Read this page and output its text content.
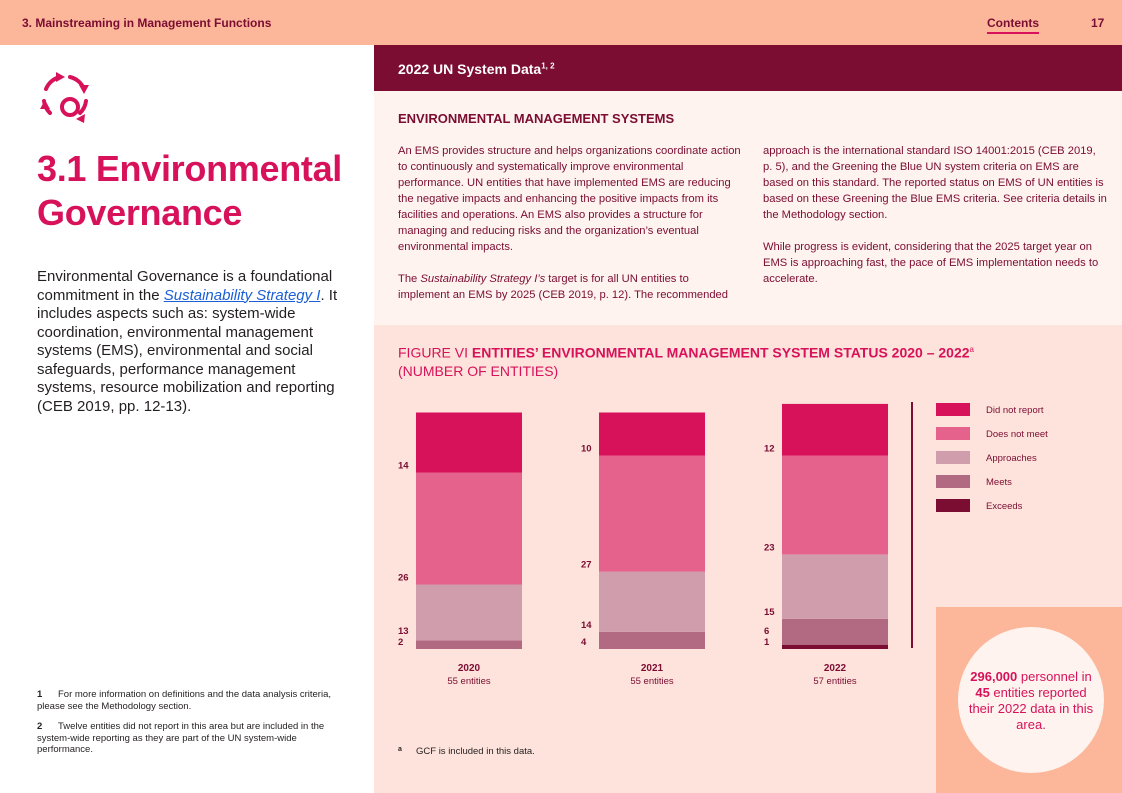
3. Mainstreaming in Management Functions	Contents	17
3.1 Environmental
Governance
Environmental Governance is a foundational commitment in the Sustainability Strategy I. It includes aspects such as: system-wide coordination, environmental management systems (EMS), environmental and social safeguards, performance management systems, resource mobilization and reporting (CEB 2019, pp. 12-13).
1 For more information on definitions and the data analysis criteria, please see the Methodology section.
2 Twelve entities did not report in this area but are included in the system-wide reporting as they are part of the UN system-wide performance.
2022 UN System Data$^{1, 2}$
ENVIRONMENTAL MANAGEMENT SYSTEMS

An EMS provides structure and helps organizations coordinate action to continuously and systematically improve environmental performance. UN entities that have implemented EMS are reducing the negative impacts and enhancing the positive impacts from its facilities and operations. An EMS also provides a structure for managing and reducing risks and the organization’s eventual environmental impacts.

The Sustainability Strategy I’s target is for all UN entities to implement an EMS by 2025 (CEB 2019, p. 12). The recommended

approach is the international standard ISO 14001:2015 (CEB 2019, p. 5), and the Greening the Blue UN system criteria on EMS are based on this standard. The reported status on EMS of UN entities is based on these Greening the Blue EMS criteria. See criteria details in the Methodology section.

While progress is evident, considering that the 2025 target year on EMS is approaching fast, the pace of EMS implementation needs to accelerate.

FIGURE VI ENTITIES’ ENVIRONMENTAL MANAGEMENT SYSTEM STATUS 2020 – 2022$^a$
(NUMBER OF ENTITIES)
2
13
26
14
2020
55 entities
4
14
27
10
2021
55 entities
1
6
15
23
12
2022
57 entities
Did not report
Does not meet
Approaches
Meets
Exceeds
a GCF is included in this data.
296,000 personnel in 45 entities reported their 2022 data in this area.
